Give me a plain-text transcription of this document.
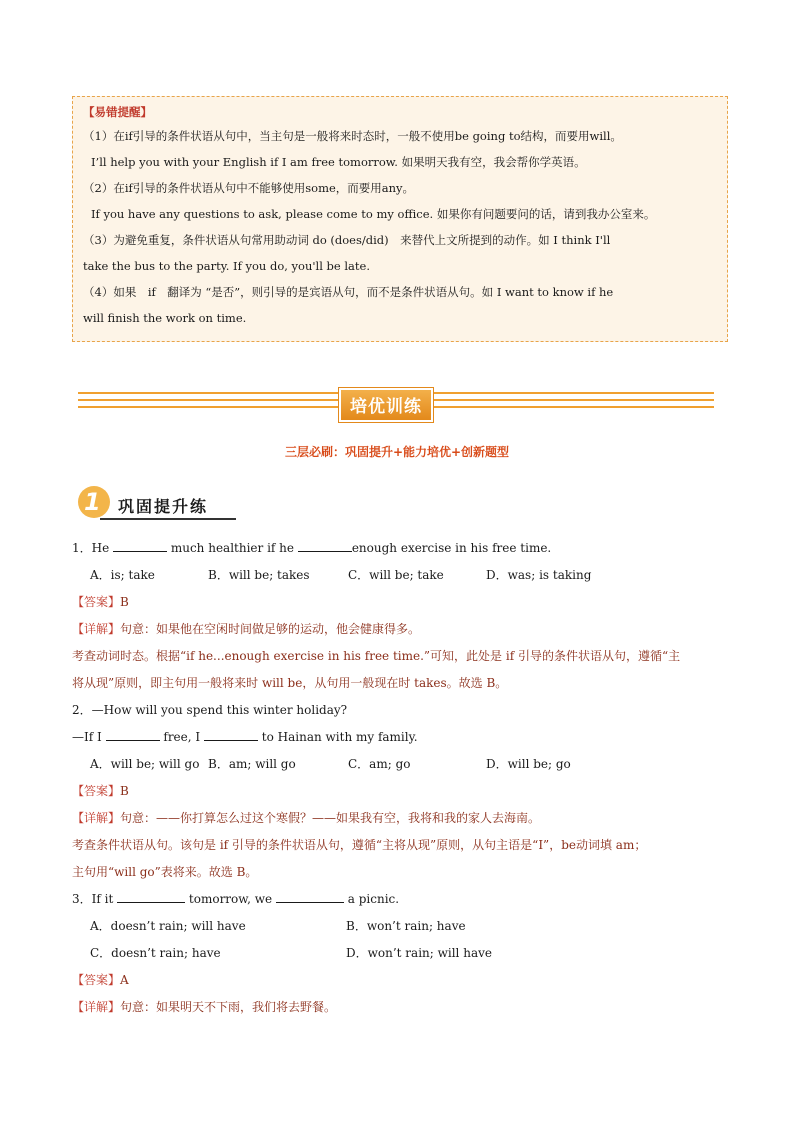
【易错提醒】

（1）在if引导的条件状语从句中，当主句是一般将来时态时，一般不使用be going to结构，而要用will。

I’ll help you with your English if I am free tomorrow. 如果明天我有空，我会帮你学英语。

（2）在if引导的条件状语从句中不能够使用some，而要用any。

If you have any questions to ask, please come to my office. 如果你有问题要问的话，请到我办公室来。

（3）为避免重复，条件状语从句常用助动词 do (does/did)　来替代上文所提到的动作。如 I think I'll

take the bus to the party. If you do, you'll be late.

（4）如果　if　翻译为 “是否”，则引导的是宾语从句，而不是条件状语从句。如 I want to know if he

will finish the work on time.

培优训练
三层必刷：巩固提升+能力培优+创新题型
1 巩固提升练
1．He	much healthier if he	enough exercise in his free time.
A．is; take	B．will be; takes	C．will be; take	D．was; is taking
【答案】B
【详解】句意：如果他在空闲时间做足够的运动，他会健康得多。
考查动词时态。根据“if he...enough exercise in his free time.”可知，此处是 if 引导的条件状语从句，遵循“主
将从现”原则，即主句用一般将来时 will be，从句用一般现在时 takes。故选 B。
2．—How will you spend this winter holiday?
—If I	free, I	to Hainan with my family.
A．will be; will go B．am; will go	C．am; go	D．will be; go
【答案】B
【详解】句意：——你打算怎么过这个寒假？——如果我有空，我将和我的家人去海南。
考查条件状语从句。该句是 if 引导的条件状语从句，遵循“主将从现”原则，从句主语是“I”，be动词填 am；
主句用“will go”表将来。故选 B。
3．If it	tomorrow, we	a picnic.
A．doesn’t rain; will have	B．won’t rain; have
C．doesn’t rain; have	D．won’t rain; will have
【答案】A
【详解】句意：如果明天不下雨，我们将去野餐。
